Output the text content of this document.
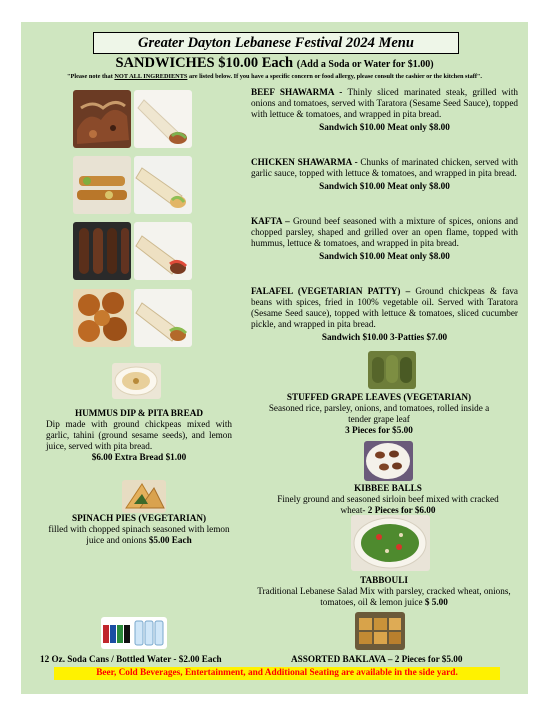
Greater Dayton Lebanese Festival 2024 Menu
SANDWICHES $10.00 Each (Add a Soda or Water for $1.00)
"Please note that NOT ALL INGREDIENTS are listed below. If you have a specific concern or food allergy, please consult the cashier or the kitchen staff".
BEEF SHAWARMA - Thinly sliced marinated steak, grilled with onions and tomatoes, served with Taratora (Sesame Seed Sauce), topped with lettuce & tomatoes, and wrapped in pita bread.
Sandwich $10.00 Meat only $8.00
CHICKEN SHAWARMA - Chunks of marinated chicken, served with garlic sauce, topped with lettuce & tomatoes, and wrapped in pita bread.
Sandwich $10.00 Meat only $8.00
KAFTA – Ground beef seasoned with a mixture of spices, onions and chopped parsley, shaped and grilled over an open flame, topped with hummus, lettuce & tomatoes, and wrapped in pita bread.
Sandwich $10.00 Meat only $8.00
FALAFEL (VEGETARIAN PATTY) – Ground chickpeas & fava beans with spices, fried in 100% vegetable oil. Served with Taratora (Sesame Seed sauce), topped with lettuce & tomatoes, sliced cucumber pickle, and wrapped in pita bread.
Sandwich $10.00 3-Patties $7.00
STUFFED GRAPE LEAVES (VEGETARIAN)
Seasoned rice, parsley, onions, and tomatoes, rolled inside a tender grape leaf
3 Pieces for $5.00
HUMMUS DIP & PITA BREAD
Dip made with ground chickpeas mixed with garlic, tahini (ground sesame seeds), and lemon juice, served with pita bread.
$6.00 Extra Bread $1.00
KIBBEE BALLS
Finely ground and seasoned sirloin beef mixed with cracked wheat- 2 Pieces for $6.00
SPINACH PIES (VEGETARIAN)
filled with chopped spinach seasoned with lemon juice and onions $5.00 Each
TABBOULI
Traditional Lebanese Salad Mix with parsley, cracked wheat, onions, tomatoes, oil & lemon juice $ 5.00
12 Oz. Soda Cans / Bottled Water - $2.00 Each	ASSORTED BAKLAVA – 2 Pieces for $5.00
Beer, Cold Beverages, Entertainment, and Additional Seating are available in the side yard.
